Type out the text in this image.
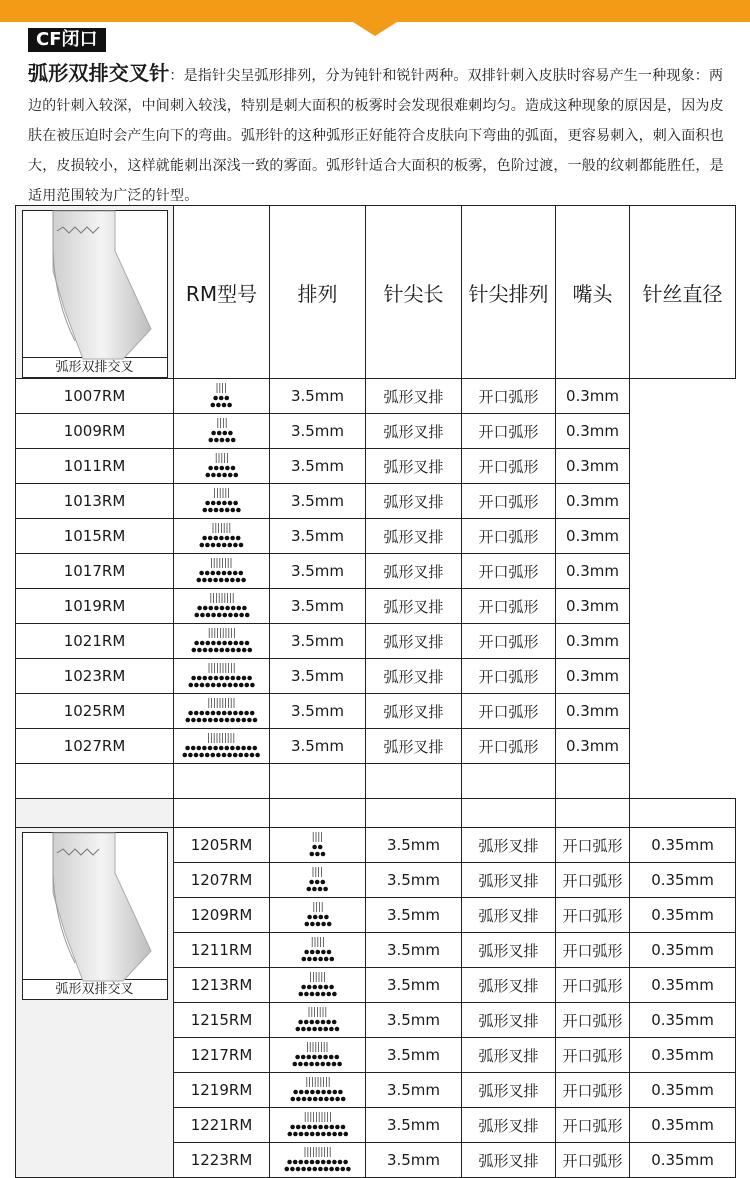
CF闭口
弧形双排交叉针：是指针尖呈弧形排列，分为钝针和锐针两种。双排针刺入皮肤时容易产生一种现象：两边的针刺入较深，中间刺入较浅，特别是刺大面积的板雾时会发现很难刺均匀。造成这种现象的原因是，因为皮肤在被压迫时会产生向下的弯曲。弧形针的这种弧形正好能符合皮肤向下弯曲的弧面，更容易刺入，刺入面积也大，皮损较小，这样就能刺出深浅一致的雾面。弧形针适合大面积的板雾，色阶过渡，一般的纹刺都能胜任，是适用范围较为广泛的针型。
弧形双排交叉	RM型号	排列	针尖长	针尖排列	嘴头	针丝直径
1007RM		3.5mm	弧形叉排	开口弧形	0.3mm	
1009RM		3.5mm	弧形叉排	开口弧形	0.3mm	
1011RM		3.5mm	弧形叉排	开口弧形	0.3mm	
1013RM		3.5mm	弧形叉排	开口弧形	0.3mm	
1015RM		3.5mm	弧形叉排	开口弧形	0.3mm	
1017RM		3.5mm	弧形叉排	开口弧形	0.3mm	
1019RM		3.5mm	弧形叉排	开口弧形	0.3mm	
1021RM		3.5mm	弧形叉排	开口弧形	0.3mm	
1023RM		3.5mm	弧形叉排	开口弧形	0.3mm	
1025RM		3.5mm	弧形叉排	开口弧形	0.3mm	
1027RM		3.5mm	弧形叉排	开口弧形	0.3mm	

弧形双排交叉	1205RM		3.5mm	弧形叉排	开口弧形	0.35mm
	1207RM		3.5mm	弧形叉排	开口弧形	0.35mm
	1209RM		3.5mm	弧形叉排	开口弧形	0.35mm
	1211RM		3.5mm	弧形叉排	开口弧形	0.35mm
	1213RM		3.5mm	弧形叉排	开口弧形	0.35mm
	1215RM		3.5mm	弧形叉排	开口弧形	0.35mm
	1217RM		3.5mm	弧形叉排	开口弧形	0.35mm
	1219RM		3.5mm	弧形叉排	开口弧形	0.35mm
	1221RM		3.5mm	弧形叉排	开口弧形	0.35mm
	1223RM		3.5mm	弧形叉排	开口弧形	0.35mm
